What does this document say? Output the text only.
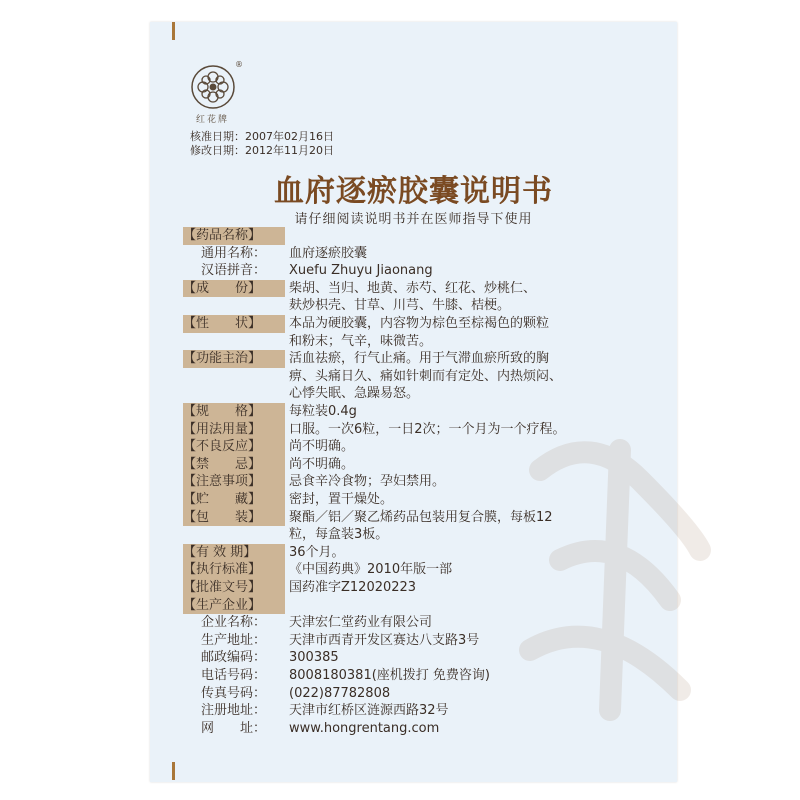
®
红花牌
核准日期：2007年02月16日
修改日期：2012年11月20日
血府逐瘀胶囊说明书
请仔细阅读说明书并在医师指导下使用
【药品名称】
通用名称：	血府逐瘀胶囊
汉语拼音：	Xuefu Zhuyu Jiaonang
【成　　份】	柴胡、当归、地黄、赤芍、红花、炒桃仁、
麸炒枳壳、甘草、川芎、牛膝、桔梗。
【性　　状】	本品为硬胶囊，内容物为棕色至棕褐色的颗粒
和粉末；气辛，味微苦。
【功能主治】	活血祛瘀，行气止痛。用于气滞血瘀所致的胸
痹、头痛日久、痛如针刺而有定处、内热烦闷、
心悸失眠、急躁易怒。
【规　　格】	每粒装0.4g
【用法用量】	口服。一次6粒，一日2次；一个月为一个疗程。
【不良反应】	尚不明确。
【禁　　忌】	尚不明确。
【注意事项】	忌食辛冷食物；孕妇禁用。
【贮　　藏】	密封，置干燥处。
【包　　装】	聚酯／铝／聚乙烯药品包装用复合膜，每板12
粒，每盒装3板。
【有 效 期】	36个月。
【执行标准】	《中国药典》2010年版一部
【批准文号】	国药准字Z12020223
【生产企业】
企业名称：	天津宏仁堂药业有限公司
生产地址：	天津市西青开发区赛达八支路3号
邮政编码：	300385
电话号码：	8008180381(座机拨打 免费咨询)
传真号码：	(022)87782808
注册地址：	天津市红桥区涟源西路32号
网　　址：	www.hongrentang.com
